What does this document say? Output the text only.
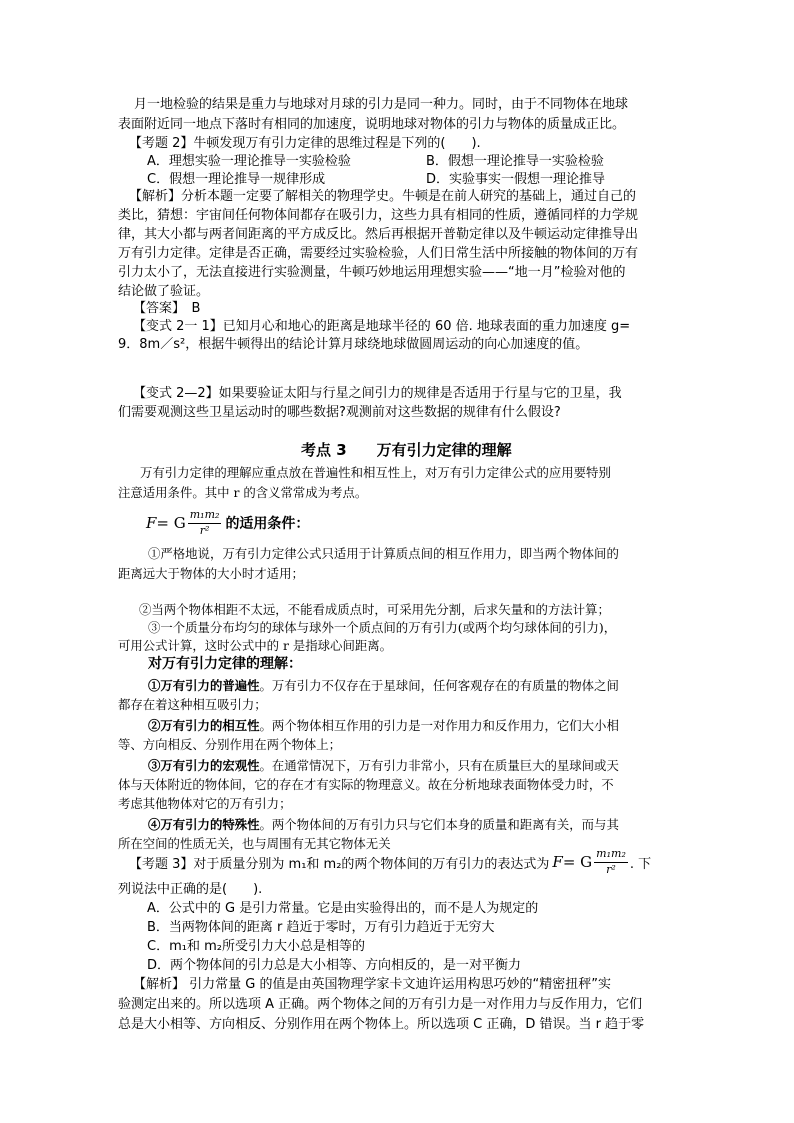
月一地检验的结果是重力与地球对月球的引力是同一种力。同时，由于不同物体在地球
表面附近同一地点下落时有相同的加速度，说明地球对物体的引力与物体的质量成正比。
【考题 2】牛顿发现万有引力定律的思维过程是下列的(　　).
A．理想实验一理论推导一实验检验	B．假想一理论推导一实验检验
C．假想一理论推导一规律形成	D．实验事实一假想一理论推导
【解析】分析本题一定要了解相关的物理学史。牛顿是在前人研究的基础上，通过自己的
类比，猜想：宇宙间任何物体间都存在吸引力，这些力具有相同的性质，遵循同样的力学规
律，其大小都与两者间距离的平方成反比。然后再根据开普勒定律以及牛顿运动定律推导出
万有引力定律。定律是否正确，需要经过实验检验，人们日常生活中所接触的物体间的万有
引力太小了，无法直接进行实验测量，牛顿巧妙地运用理想实验——“地一月”检验对他的
结论做了验证。
【答案】　B
【变式 2一 1】已知月心和地心的距离是地球半径的 60 倍. 地球表面的重力加速度 g=
9．8m／s²，根据牛顿得出的结论计算月球绕地球做圆周运动的向心加速度的值。
【变式 2—2】如果要验证太阳与行星之间引力的规律是否适用于行星与它的卫星，我
们需要观测这些卫星运动时的哪些数据?观测前对这些数据的规律有什么假设?
考点 3　　万有引力定律的理解
万有引力定律的理解应重点放在普遍性和相互性上，对万有引力定律公式的应用要特别
注意适用条件。其中 r 的含义常常成为考点。
F = G $\frac{\text{m₁m₂}}{\text{r²}}$ 的适用条件：
①严格地说，万有引力定律公式只适用于计算质点间的相互作用力，即当两个物体间的
距离远大于物体的大小时才适用；
②当两个物体相距不太远，不能看成质点时，可采用先分割，后求矢量和的方法计算；
③一个质量分布均匀的球体与球外一个质点间的万有引力(或两个均匀球体间的引力)，
可用公式计算，这时公式中的 r 是指球心间距离。
对万有引力定律的理解：
①万有引力的普遍性。万有引力不仅存在于星球间，任何客观存在的有质量的物体之间
都存在着这种相互吸引力；
②万有引力的相互性。两个物体相互作用的引力是一对作用力和反作用力，它们大小相
等、方向相反、分别作用在两个物体上；
③万有引力的宏观性。在通常情况下，万有引力非常小，只有在质量巨大的星球间或天
体与天体附近的物体间，它的存在才有实际的物理意义。故在分析地球表面物体受力时，不
考虑其他物体对它的万有引力；
④万有引力的特殊性。两个物体间的万有引力只与它们本身的质量和距离有关，而与其
所在空间的性质无关，也与周围有无其它物体无关
【考题 3】对于质量分别为 m₁和 m₂的两个物体间的万有引力的表达式为 F = G $\frac{\text{m₁m₂}}{\text{r²}}$ . 下
列说法中正确的是(　　).
A．公式中的 G 是引力常量。它是由实验得出的，而不是人为规定的
B．当两物体间的距离 r 趋近于零时，万有引力趋近于无穷大
C．m₁和 m₂所受引力大小总是相等的
D．两个物体间的引力总是大小相等、方向相反的，是一对平衡力
【解析】 引力常量 G 的值是由英国物理学家卡文迪许运用构思巧妙的“精密扭秤”实
验测定出来的。所以选项 A 正确。两个物体之间的万有引力是一对作用力与反作用力，它们
总是大小相等、方向相反、分别作用在两个物体上。所以选项 C 正确，D 错误。当 r 趋于零
